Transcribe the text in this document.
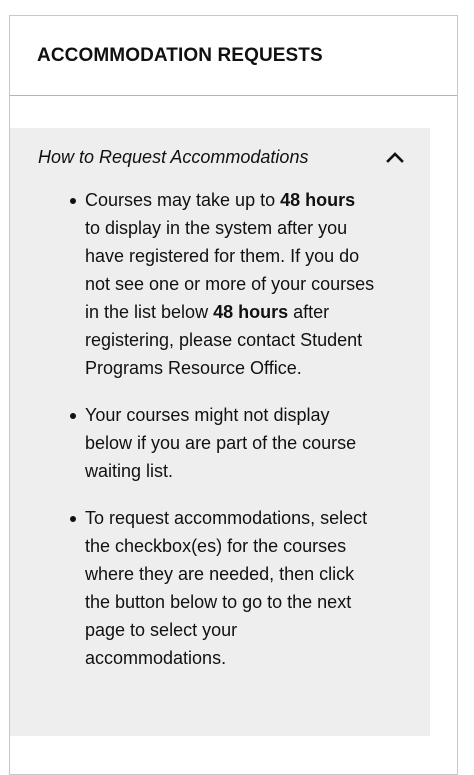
ACCOMMODATION REQUESTS
How to Request Accommodations
Courses may take up to 48 hours to display in the system after you have registered for them. If you do not see one or more of your courses in the list below 48 hours after registering, please contact Student Programs Resource Office.
Your courses might not display below if you are part of the course waiting list.
To request accommodations, select the checkbox(es) for the courses where they are needed, then click the button below to go to the next page to select your accommodations.
